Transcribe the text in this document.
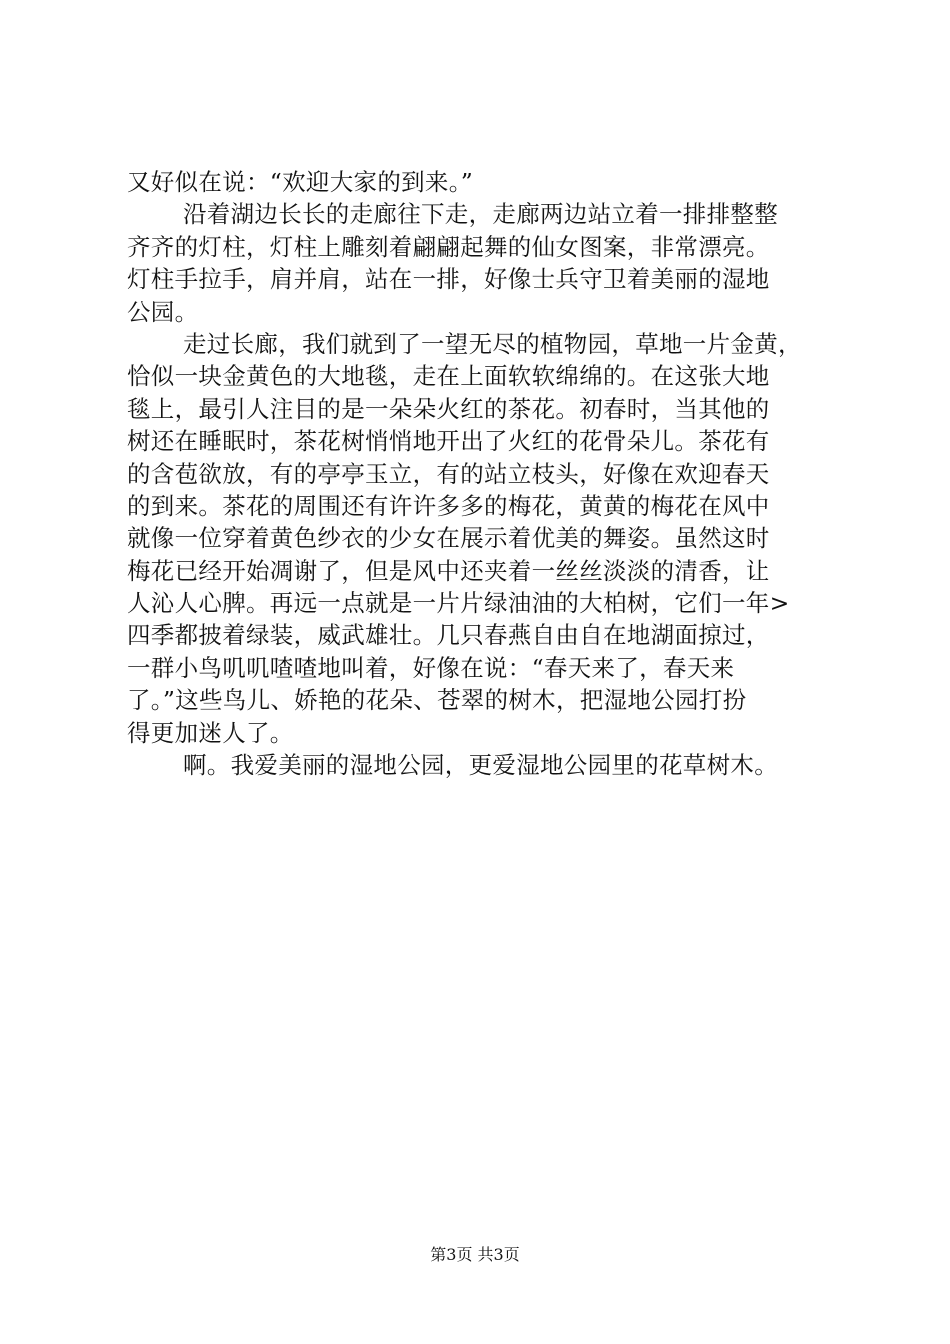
又好似在说：“欢迎大家的到来。”
沿着湖边长长的走廊往下走，走廊两边站立着一排排整整
齐齐的灯柱，灯柱上雕刻着翩翩起舞的仙女图案，非常漂亮。
灯柱手拉手，肩并肩，站在一排，好像士兵守卫着美丽的湿地
公园。
走过长廊，我们就到了一望无尽的植物园，草地一片金黄，
恰似一块金黄色的大地毯，走在上面软软绵绵的。在这张大地
毯上，最引人注目的是一朵朵火红的茶花。初春时，当其他的
树还在睡眠时，茶花树悄悄地开出了火红的花骨朵儿。茶花有
的含苞欲放，有的亭亭玉立，有的站立枝头，好像在欢迎春天
的到来。茶花的周围还有许许多多的梅花，黄黄的梅花在风中
就像一位穿着黄色纱衣的少女在展示着优美的舞姿。虽然这时
梅花已经开始凋谢了，但是风中还夹着一丝丝淡淡的清香，让
人沁人心脾。再远一点就是一片片绿油油的大柏树，它们一年>
四季都披着绿装，威武雄壮。几只春燕自由自在地湖面掠过，
一群小鸟叽叽喳喳地叫着，好像在说：“春天来了，春天来
了。”这些鸟儿、娇艳的花朵、苍翠的树木，把湿地公园打扮
得更加迷人了。
啊。我爱美丽的湿地公园，更爱湿地公园里的花草树木。
第3页 共3页
